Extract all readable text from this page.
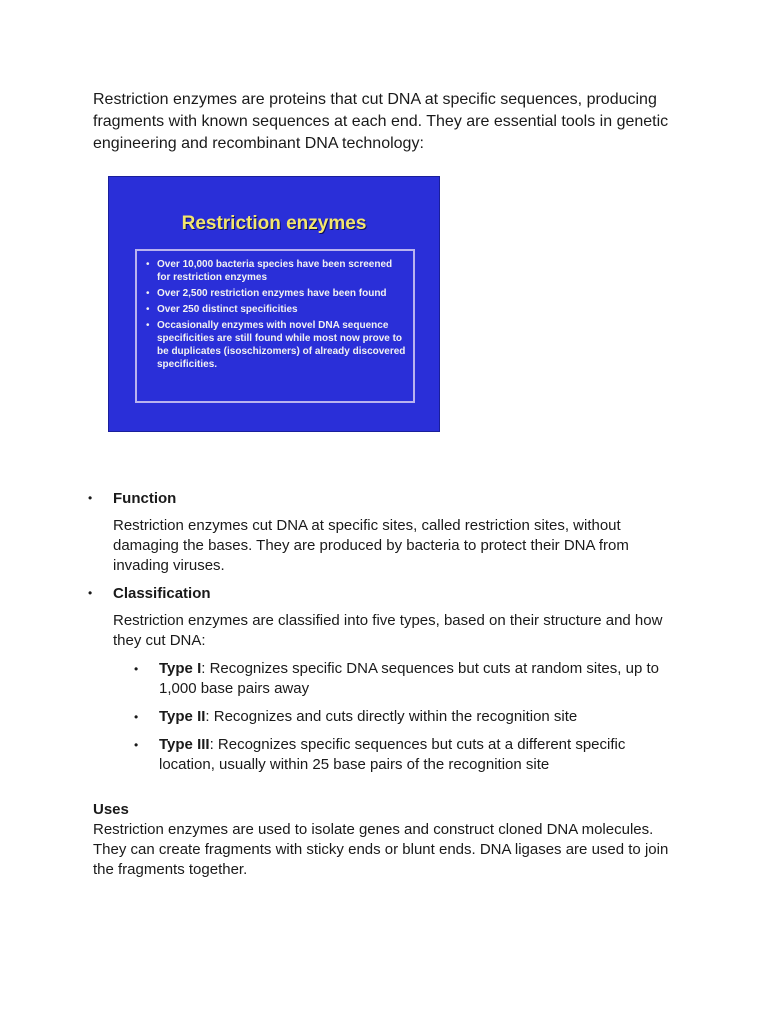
Restriction enzymes are proteins that cut DNA at specific sequences, producing fragments with known sequences at each end. They are essential tools in genetic engineering and recombinant DNA technology:

Restriction enzymes
• Over 10,000 bacteria species have been screened for restriction enzymes
• Over 2,500 restriction enzymes have been found
• Over 250 distinct specificities
• Occasionally enzymes with novel DNA sequence specificities are still found while most now prove to be duplicates (isoschizomers) of already discovered specificities.
• Function

Restriction enzymes cut DNA at specific sites, called restriction sites, without damaging the bases. They are produced by bacteria to protect their DNA from invading viruses.

• Classification

Restriction enzymes are classified into five types, based on their structure and how they cut DNA:

• Type I: Recognizes specific DNA sequences but cuts at random sites, up to 1,000 base pairs away
• Type II: Recognizes and cuts directly within the recognition site
• Type III: Recognizes specific sequences but cuts at a different specific location, usually within 25 base pairs of the recognition site
Uses
Restriction enzymes are used to isolate genes and construct cloned DNA molecules. They can create fragments with sticky ends or blunt ends. DNA ligases are used to join the fragments together.
